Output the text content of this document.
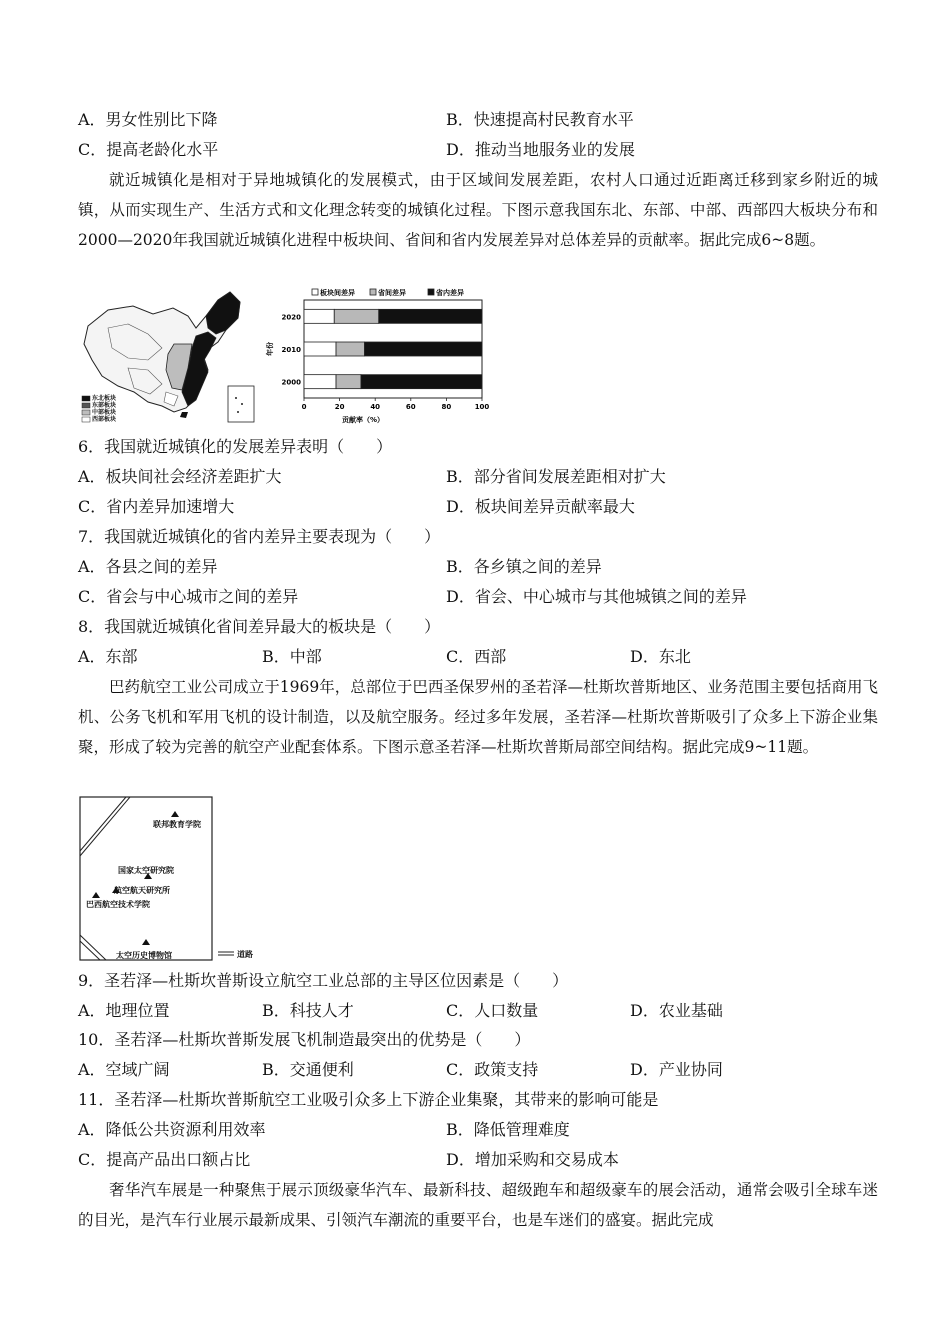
A．男女性别比下降	B．快速提高村民教育水平
C．提高老龄化水平	D．推动当地服务业的发展
就近城镇化是相对于异地城镇化的发展模式，由于区域间发展差距，农村人口通过近距离迁移到家乡附近的城镇，从而实现生产、生活方式和文化理念转变的城镇化过程。下图示意我国东北、东部、中部、西部四大板块分布和2000—2020年我国就近城镇化进程中板块间、省间和省内发展差异对总体差异的贡献率。据此完成6~8题。
东北板块
东部板块
中部板块
西部板块
板块间差异	省间差异	省内差异
2020
2010
2000
0	20	40	60	80	100
贡献率（%）
年份
6．我国就近城镇化的发展差异表明（　　）
A．板块间社会经济差距扩大	B．部分省间发展差距相对扩大
C．省内差异加速增大	D．板块间差异贡献率最大
7．我国就近城镇化的省内差异主要表现为（　　）
A．各县之间的差异	B．各乡镇之间的差异
C．省会与中心城市之间的差异	D．省会、中心城市与其他城镇之间的差异
8．我国就近城镇化省间差异最大的板块是（　　）
A．东部	B．中部	C．西部	D．东北
巴药航空工业公司成立于1969年，总部位于巴西圣保罗州的圣若泽—杜斯坎普斯地区、业务范围主要包括商用飞机、公务飞机和军用飞机的设计制造，以及航空服务。经过多年发展，圣若泽—杜斯坎普斯吸引了众多上下游企业集聚，形成了较为完善的航空产业配套体系。下图示意圣若泽—杜斯坎普斯局部空间结构。据此完成9~11题。
联邦教育学院
国家太空研究院
航空航天研究所
巴西航空技术学院
太空历史博物馆	道路
9．圣若泽—杜斯坎普斯设立航空工业总部的主导区位因素是（　　）
A．地理位置	B．科技人才	C．人口数量	D．农业基础
10．圣若泽—杜斯坎普斯发展飞机制造最突出的优势是（　　）
A．空域广阔	B．交通便利	C．政策支持	D．产业协同
11．圣若泽—杜斯坎普斯航空工业吸引众多上下游企业集聚，其带来的影响可能是
A．降低公共资源利用效率	B．降低管理难度
C．提高产品出口额占比	D．增加采购和交易成本
奢华汽车展是一种聚焦于展示顶级豪华汽车、最新科技、超级跑车和超级豪车的展会活动，通常会吸引全球车迷的目光，是汽车行业展示最新成果、引领汽车潮流的重要平台，也是车迷们的盛宴。据此完成
